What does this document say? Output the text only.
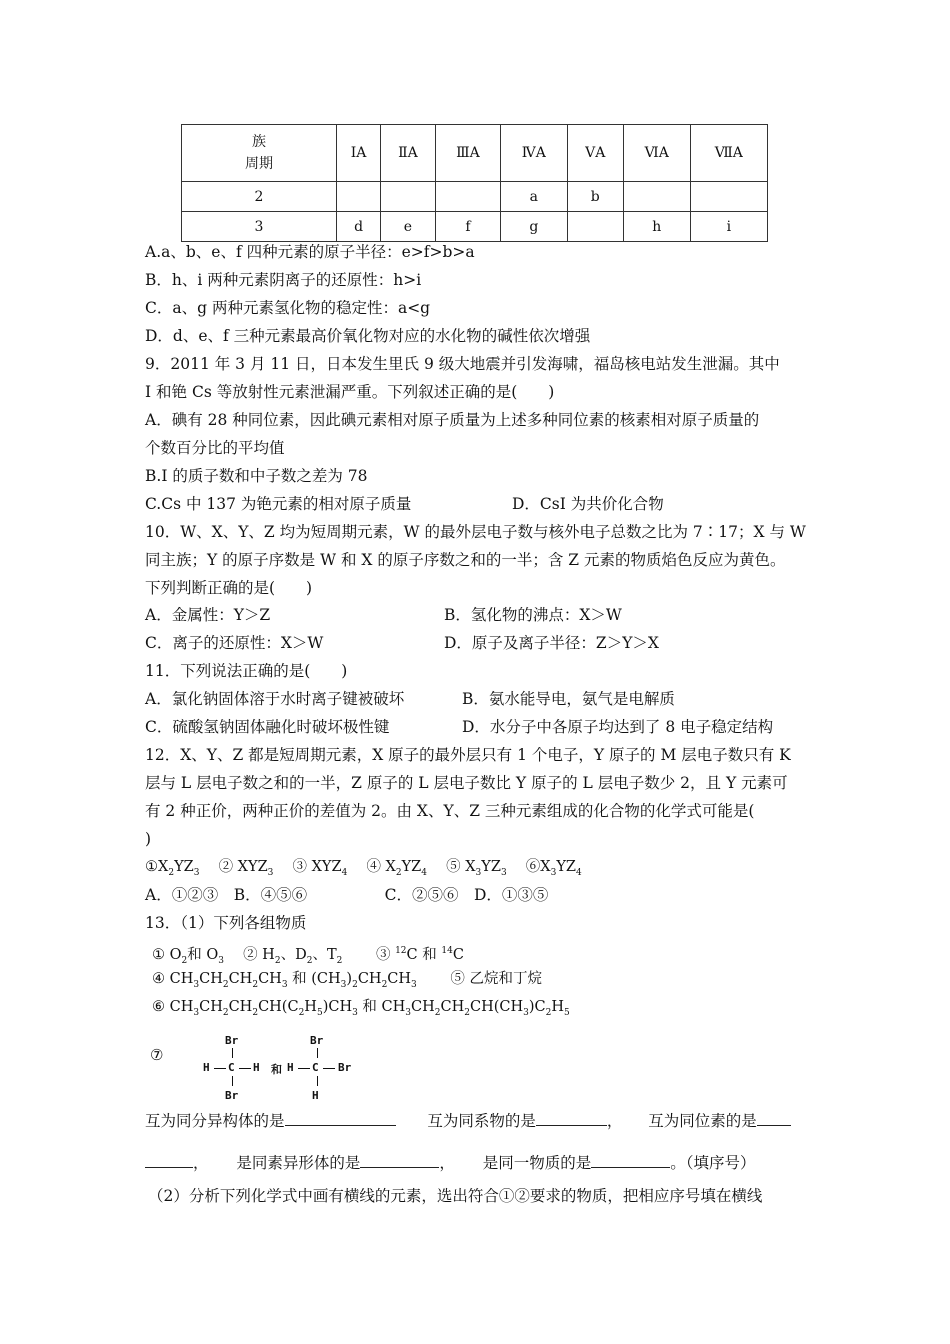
族
周期	ⅠA	ⅡA	ⅢA	ⅣA	ⅤA	ⅥA	ⅦA
2				a	b		
3	d	e	f	g		h	i
A.a、b、e、f 四种元素的原子半径：e>f>b>a
B．h、i 两种元素阴离子的还原性：h>i
C．a、g 两种元素氢化物的稳定性：a<g
D．d、e、f 三种元素最高价氧化物对应的水化物的碱性依次增强
9．2011 年 3 月 11 日，日本发生里氏 9 级大地震并引发海啸，福岛核电站发生泄漏。其中
I 和铯 Cs 等放射性元素泄漏严重。下列叙述正确的是(　　)
A．碘有 28 种同位素，因此碘元素相对原子质量为上述多种同位素的核素相对原子质量的
个数百分比的平均值
B.I 的质子数和中子数之差为 78
C.Cs 中 137 为铯元素的相对原子质量	D．CsI 为共价化合物
10．W、X、Y、Z 均为短周期元素，W 的最外层电子数与核外电子总数之比为 7∶17；X 与 W
同主族；Y 的原子序数是 W 和 X 的原子序数之和的一半；含 Z 元素的物质焰色反应为黄色。
下列判断正确的是(　　)
A．金属性：Y＞Z	B．氢化物的沸点：X＞W
C．离子的还原性：X＞W	D．原子及离子半径：Z＞Y＞X
11．下列说法正确的是(　　)
A．氯化钠固体溶于水时离子键被破坏	B．氨水能导电，氨气是电解质
C．硫酸氢钠固体融化时破坏极性键	D．水分子中各原子均达到了 8 电子稳定结构
12．X、Y、Z 都是短周期元素，X 原子的最外层只有 1 个电子，Y 原子的 M 层电子数只有 K
层与 L 层电子数之和的一半，Z 原子的 L 层电子数比 Y 原子的 L 层电子数少 2，且 Y 元素可
有 2 种正价，两种正价的差值为 2。由 X、Y、Z 三种元素组成的化合物的化学式可能是(
)
$①X_2YZ_3$　 ② $XYZ_3$　 ③ $XYZ_4$　 ④ $X_2YZ_4$　 ⑤ $X_3YZ_3$　 $⑥X_3YZ_4$
A．①②③　B．④⑤⑥　　　　　C．②⑤⑥　D．①③⑤
13．（1）下列各组物质
① $O_2$和 $O_3$　 ② $H_2$、$D_2$、$T_2$　　 ③ $^{12}$C 和 $^{14}$C
④ $CH_3CH_2CH_2CH_3$ 和 $(CH_3)_2CH_2CH_3$　　 ⑤ 乙烷和丁烷
⑥ $CH_3CH_2CH_2CH(C_2H_5)CH_3$ 和 $CH_3CH_2CH_2CH(CH_3)C_2H_5$
⑦
Br
H C H
Br
和 H
Br
C Br
H
互为同分异构体的是	互为同系物的是	，  互为同位素的是
，  是同素异形体的是	，  是同一物质的是	。（填序号）
（2）分析下列化学式中画有横线的元素，选出符合①②要求的物质，把相应序号填在横线
